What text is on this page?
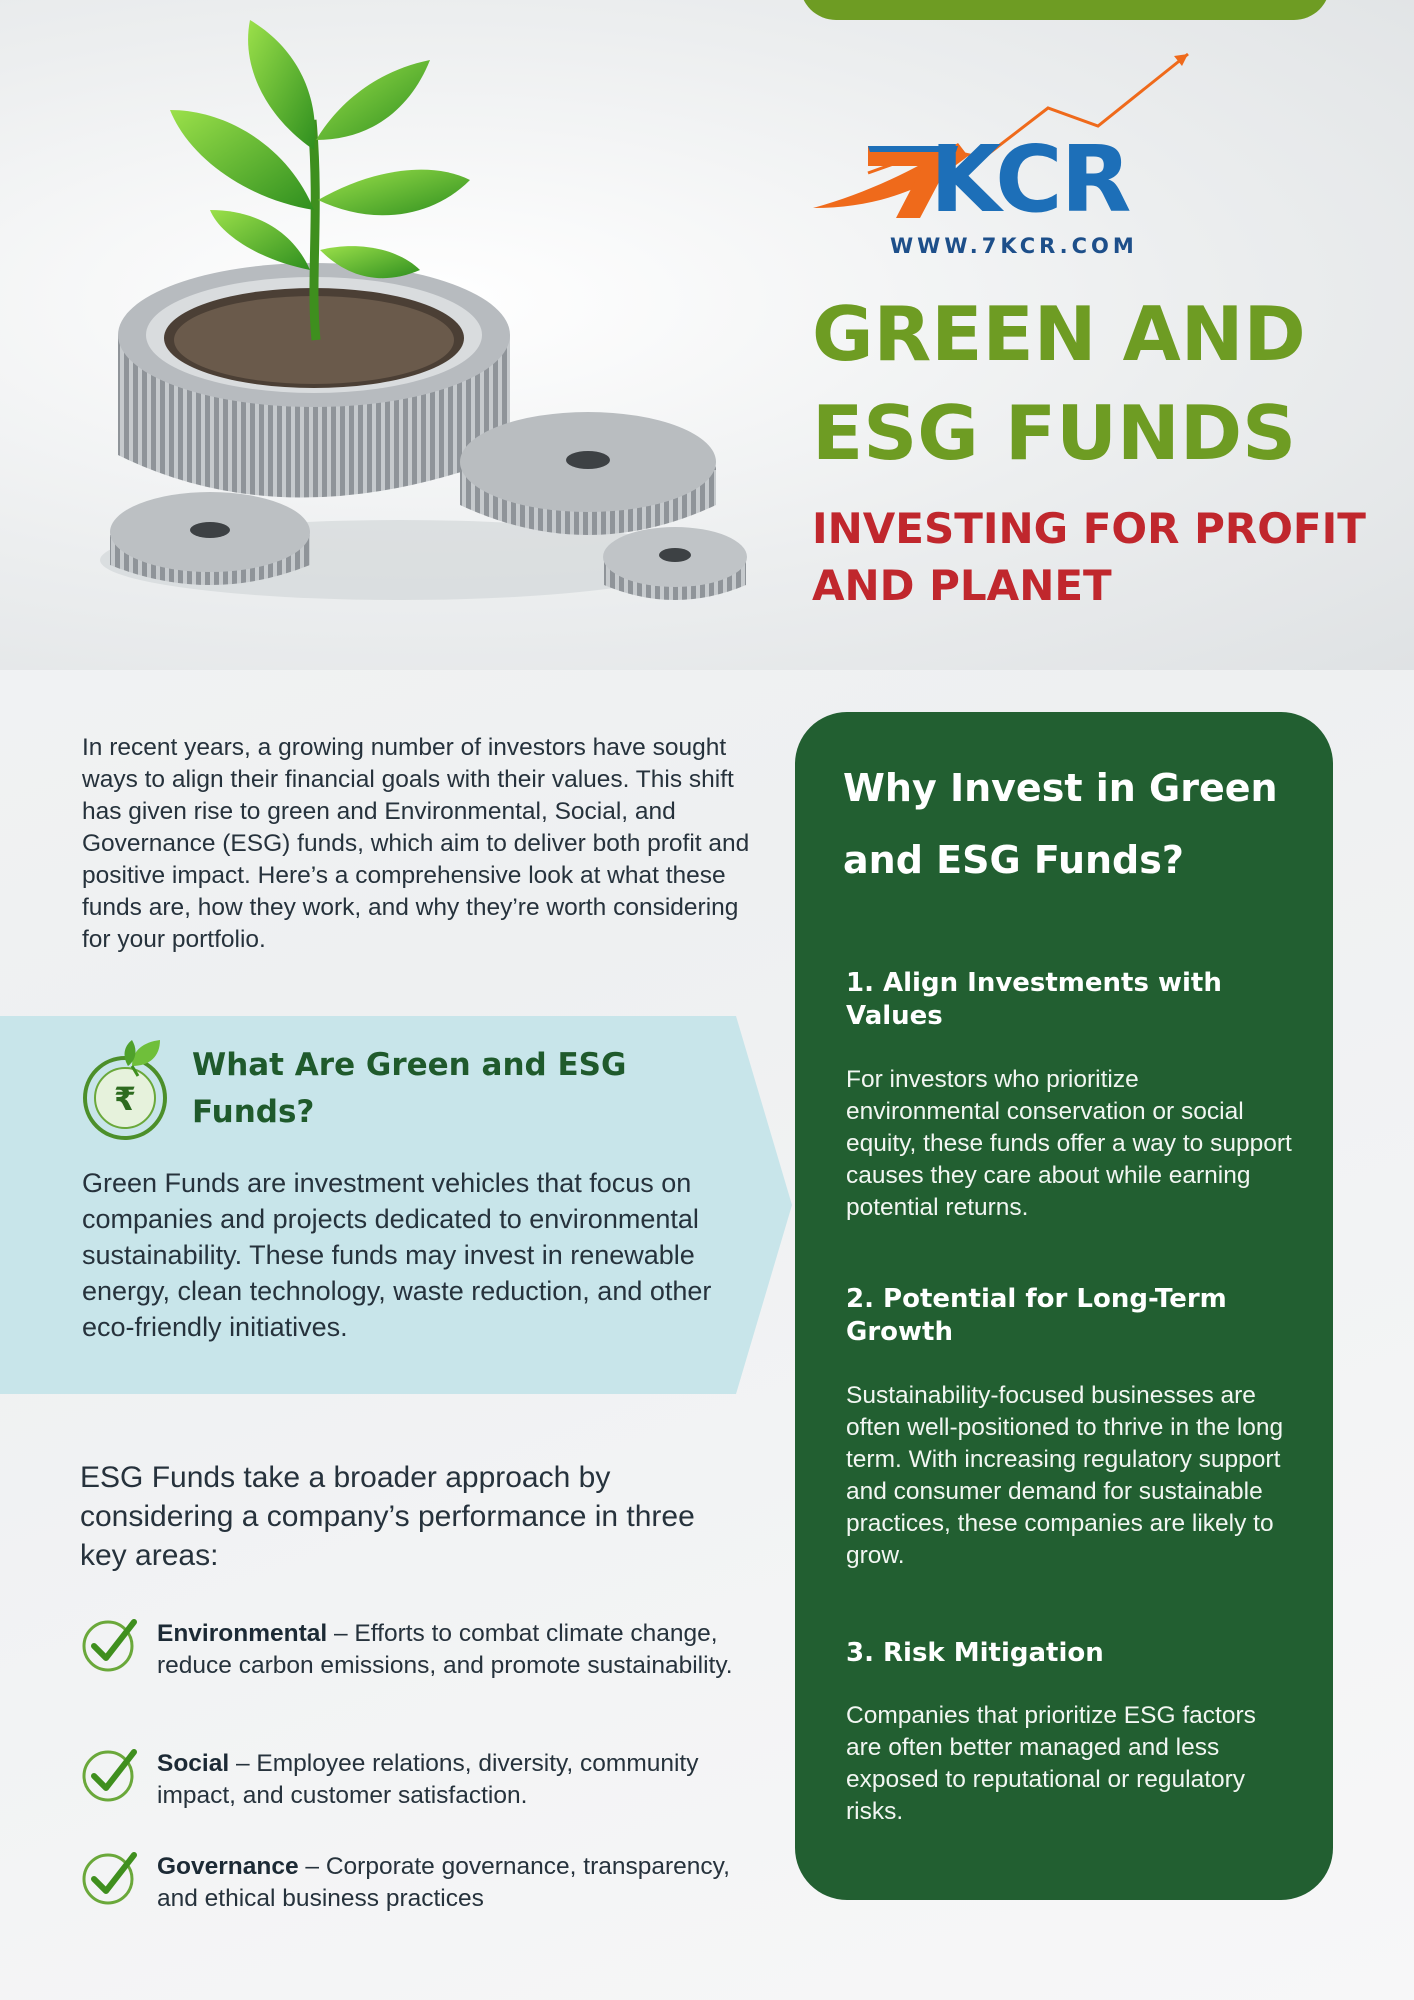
KCR
WWW.7KCR.COM
GREEN AND ESG FUNDS
INVESTING FOR PROFIT AND PLANET

In recent years, a growing number of investors have sought ways to align their financial goals with their values. This shift has given rise to green and Environmental, Social, and Governance (ESG) funds, which aim to deliver both profit and positive impact. Here’s a comprehensive look at what these funds are, how they work, and why they’re worth considering for your portfolio.

₹
What Are Green and ESG Funds?

Green Funds are investment vehicles that focus on companies and projects dedicated to environmental sustainability. These funds may invest in renewable energy, clean technology, waste reduction, and other eco-friendly initiatives.

ESG Funds take a broader approach by considering a company’s performance in three key areas:

Environmental – Efforts to combat climate change, reduce carbon emissions, and promote sustainability.

Social – Employee relations, diversity, community impact, and customer satisfaction.

Governance – Corporate governance, transparency, and ethical business practices

Why Invest in Green and ESG Funds?
1. Align Investments with Values

For investors who prioritize environmental conservation or social equity, these funds offer a way to support causes they care about while earning potential returns.

2. Potential for Long-Term Growth

Sustainability-focused businesses are often well-positioned to thrive in the long term. With increasing regulatory support and consumer demand for sustainable practices, these companies are likely to grow.

3. Risk Mitigation

Companies that prioritize ESG factors are often better managed and less exposed to reputational or regulatory risks.
